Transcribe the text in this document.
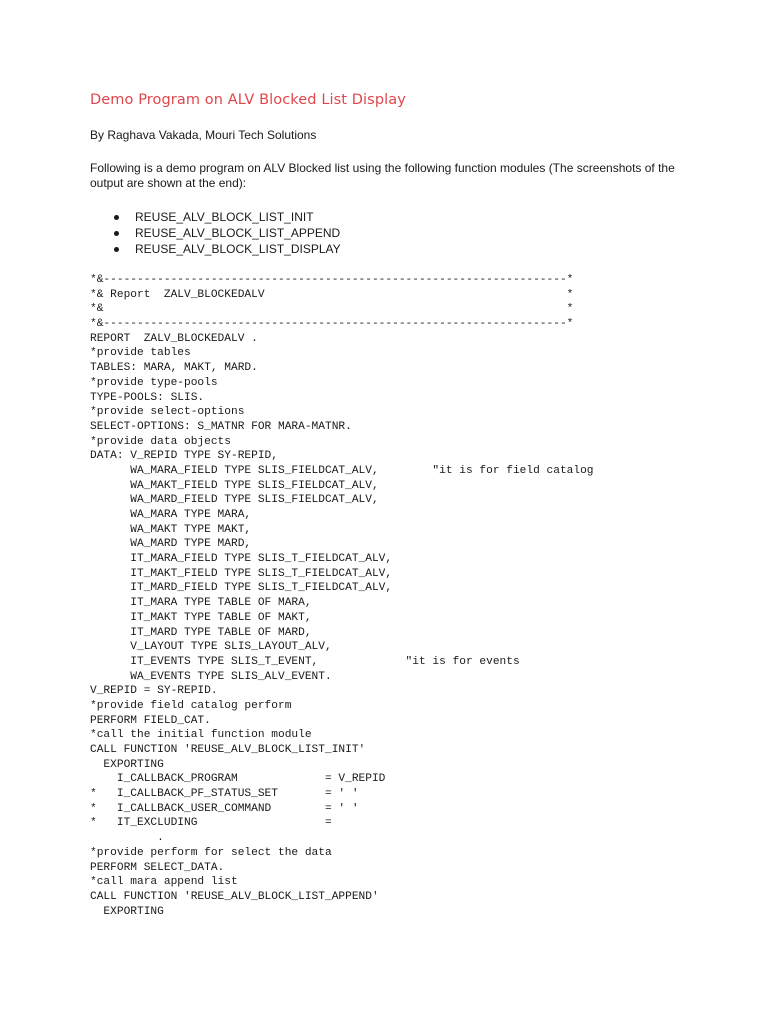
Demo Program on ALV Blocked List Display
By Raghava Vakada, Mouri Tech Solutions
Following is a demo program on ALV Blocked list using the following function modules (The screenshots of the
output are shown at the end):
REUSE_ALV_BLOCK_LIST_INIT
REUSE_ALV_BLOCK_LIST_APPEND
REUSE_ALV_BLOCK_LIST_DISPLAY
*&---------------------------------------------------------------------*
*& Report  ZALV_BLOCKEDALV                                             *
*&                                                                     *
*&---------------------------------------------------------------------*
REPORT  ZALV_BLOCKEDALV .
*provide tables
TABLES: MARA, MAKT, MARD.
*provide type-pools
TYPE-POOLS: SLIS.
*provide select-options
SELECT-OPTIONS: S_MATNR FOR MARA-MATNR.
*provide data objects
DATA: V_REPID TYPE SY-REPID,
WA_MARA_FIELD TYPE SLIS_FIELDCAT_ALV,        "it is for field catalog
WA_MAKT_FIELD TYPE SLIS_FIELDCAT_ALV,
WA_MARD_FIELD TYPE SLIS_FIELDCAT_ALV,
WA_MARA TYPE MARA,
WA_MAKT TYPE MAKT,
WA_MARD TYPE MARD,
IT_MARA_FIELD TYPE SLIS_T_FIELDCAT_ALV,
IT_MAKT_FIELD TYPE SLIS_T_FIELDCAT_ALV,
IT_MARD_FIELD TYPE SLIS_T_FIELDCAT_ALV,
IT_MARA TYPE TABLE OF MARA,
IT_MAKT TYPE TABLE OF MAKT,
IT_MARD TYPE TABLE OF MARD,
V_LAYOUT TYPE SLIS_LAYOUT_ALV,
IT_EVENTS TYPE SLIS_T_EVENT,             "it is for events
WA_EVENTS TYPE SLIS_ALV_EVENT.
V_REPID = SY-REPID.
*provide field catalog perform
PERFORM FIELD_CAT.
*call the initial function module
CALL FUNCTION 'REUSE_ALV_BLOCK_LIST_INIT'
EXPORTING
I_CALLBACK_PROGRAM             = V_REPID
*   I_CALLBACK_PF_STATUS_SET       = ' '
*   I_CALLBACK_USER_COMMAND        = ' '
*   IT_EXCLUDING                   =
.
*provide perform for select the data
PERFORM SELECT_DATA.
*call mara append list
CALL FUNCTION 'REUSE_ALV_BLOCK_LIST_APPEND'
EXPORTING
